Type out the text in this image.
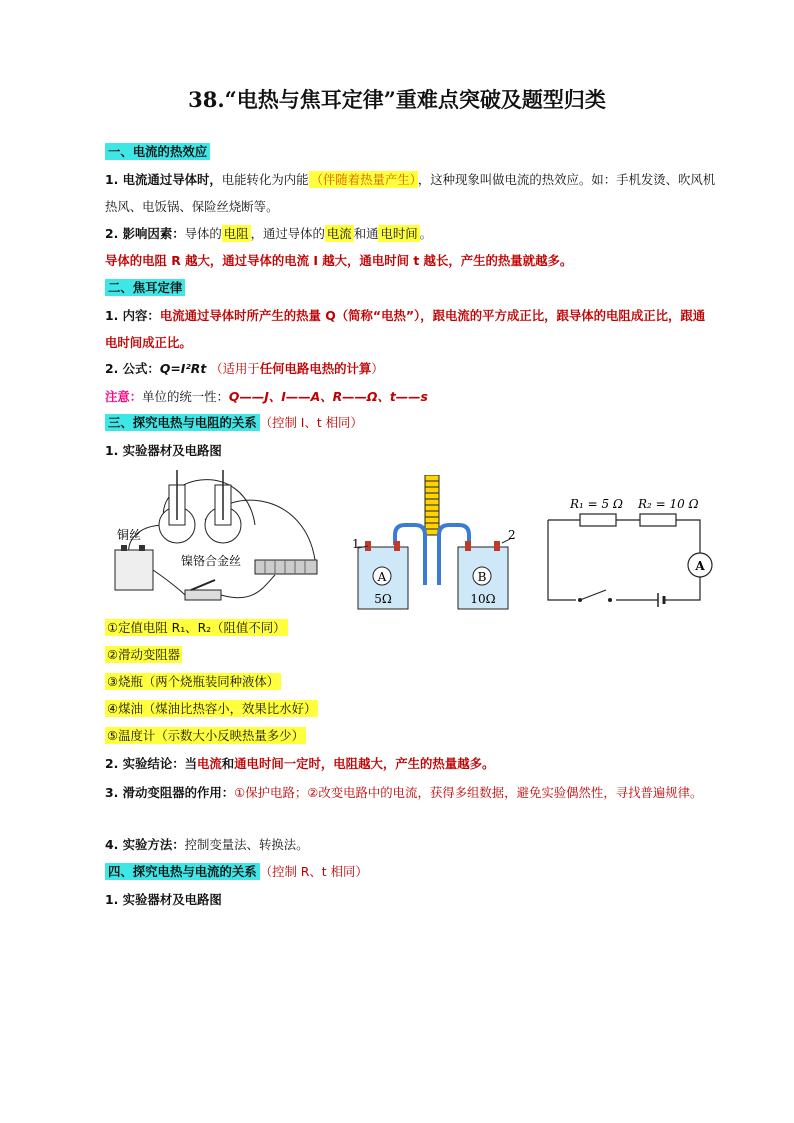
38.“电热与焦耳定律”重难点突破及题型归类
一、电流的热效应
1. 电流通过导体时，电能转化为内能 （伴随着热量产生） ，这种现象叫做电流的热效应。如：手机发烫、吹风机热风、电饭锅、保险丝烧断等。
2. 影响因素：导体的 电阻 ，通过导体的 电流 和通 电时间 。
导体的电阻 R 越大，通过导体的电流 I 越大，通电时间 t 越长，产生的热量就越多。
二、焦耳定律
1. 内容：电流通过导体时所产生的热量 Q（简称“电热”），跟电流的平方成正比，跟导体的电阻成正比，跟通电时间成正比。
2. 公式：Q=I²Rt （适用于任何电路电热的计算）
注意：单位的统一性：Q——J、I——A、R——Ω、t——s
三、探究电热与电阻的关系 （控制 I、t 相同）
1. 实验器材及电路图
铜丝
镍铬合金丝
A	B
5Ω	10Ω
1
2
R₁ = 5 Ω R₂ = 10 Ω
A
①定值电阻 R₁、R₂（阻值不同）
②滑动变阻器
③烧瓶（两个烧瓶装同种液体）
④煤油（煤油比热容小，效果比水好）
⑤温度计（示数大小反映热量多少）
2. 实验结论：当电流和通电时间一定时，电阻越大，产生的热量越多。
3. 滑动变阻器的作用：①保护电路；②改变电路中的电流，获得多组数据，避免实验偶然性，寻找普遍规律。
4. 实验方法：控制变量法、转换法。
四、探究电热与电流的关系 （控制 R、t 相同）
1. 实验器材及电路图
